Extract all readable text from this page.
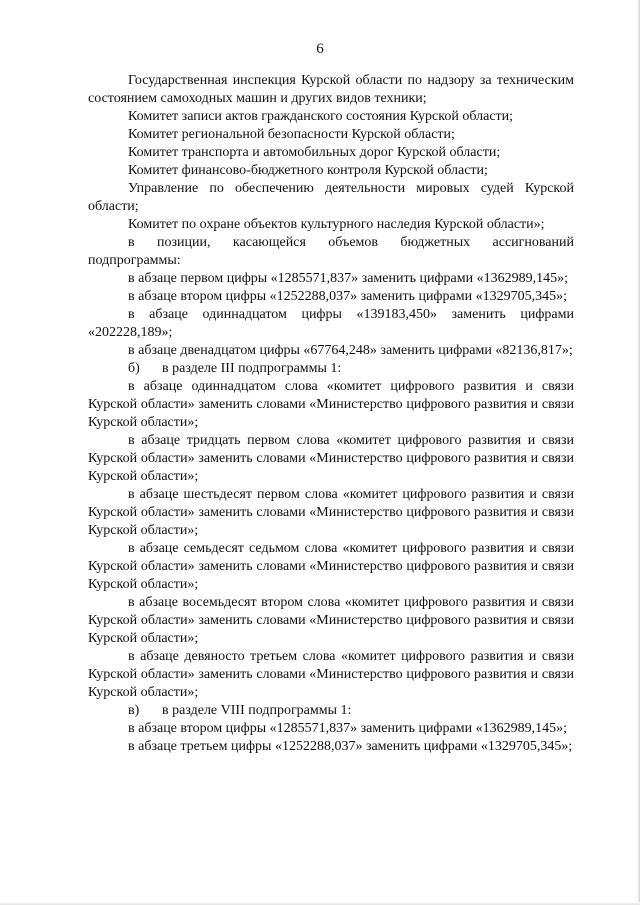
6

Государственная инспекция Курской области по надзору за техническим состоянием самоходных машин и других видов техники;

Комитет записи актов гражданского состояния Курской области;

Комитет региональной безопасности Курской области;

Комитет транспорта и автомобильных дорог Курской области;

Комитет финансово-бюджетного контроля Курской области;

Управление по обеспечению деятельности мировых судей Курской области;

Комитет по охране объектов культурного наследия Курской области»;

в позиции, касающейся объемов бюджетных ассигнований подпрограммы:

в абзаце первом цифры «1285571,837» заменить цифрами «1362989,145»;

в абзаце втором цифры «1252288,037» заменить цифрами «1329705,345»;

в абзаце одиннадцатом цифры «139183,450» заменить цифрами «202228,189»;

в абзаце двенадцатом цифры «67764,248» заменить цифрами «82136,817»;

б) в разделе III подпрограммы 1:

в абзаце одиннадцатом слова «комитет цифрового развития и связи Курской области» заменить словами «Министерство цифрового развития и связи Курской области»;

в абзаце тридцать первом слова «комитет цифрового развития и связи Курской области» заменить словами «Министерство цифрового развития и связи Курской области»;

в абзаце шестьдесят первом слова «комитет цифрового развития и связи Курской области» заменить словами «Министерство цифрового развития и связи Курской области»;

в абзаце семьдесят седьмом слова «комитет цифрового развития и связи Курской области» заменить словами «Министерство цифрового развития и связи Курской области»;

в абзаце восемьдесят втором слова «комитет цифрового развития и связи Курской области» заменить словами «Министерство цифрового развития и связи Курской области»;

в абзаце девяносто третьем слова «комитет цифрового развития и связи Курской области» заменить словами «Министерство цифрового развития и связи Курской области»;

в) в разделе VIII подпрограммы 1:

в абзаце втором цифры «1285571,837» заменить цифрами «1362989,145»;

в абзаце третьем цифры «1252288,037» заменить цифрами «1329705,345»;
